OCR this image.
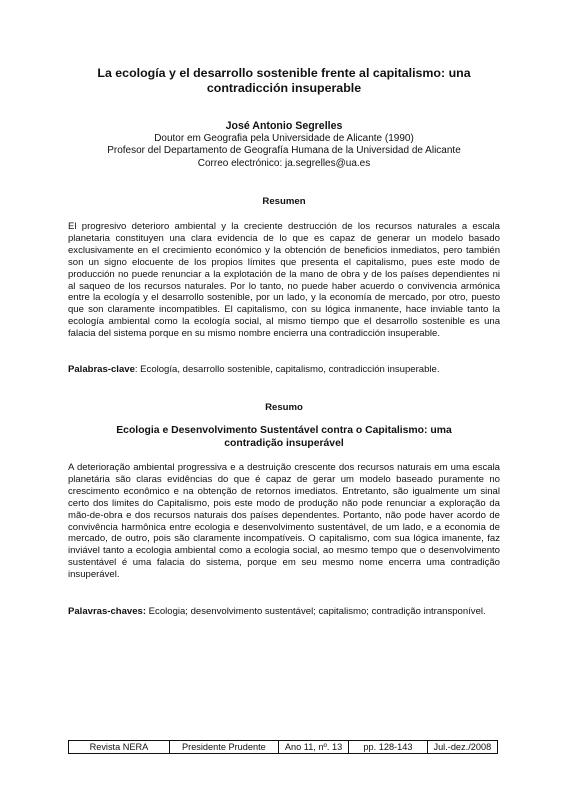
La ecología y el desarrollo sostenible frente al capitalismo: una
contradicción insuperable
José Antonio Segrelles
Doutor em Geografia pela Universidade de Alicante (1990)
Profesor del Departamento de Geografía Humana de la Universidad de Alicante
Correo electrónico: ja.segrelles@ua.es
Resumen

El progresivo deterioro ambiental y la creciente destrucción de los recursos naturales a escala planetaria constituyen una clara evidencia de lo que es capaz de generar un modelo basado exclusivamente en el crecimiento económico y la obtención de beneficios inmediatos, pero también son un signo elocuente de los propios límites que presenta el capitalismo, pues este modo de producción no puede renunciar a la explotación de la mano de obra y de los países dependientes ni al saqueo de los recursos naturales. Por lo tanto, no puede haber acuerdo o convivencia armónica entre la ecología y el desarrollo sostenible, por un lado, y la economía de mercado, por otro, puesto que son claramente incompatibles. El capitalismo, con su lógica inmanente, hace inviable tanto la ecología ambiental como la ecología social, al mismo tiempo que el desarrollo sostenible es una falacia del sistema porque en su mismo nombre encierra una contradicción insuperable.

Palabras-clave: Ecología, desarrollo sostenible, capitalismo, contradicción insuperable.

Resumo
Ecologia e Desenvolvimento Sustentável contra o Capitalismo: uma
contradição insuperável

A deterioração ambiental progressiva e a destruição crescente dos recursos naturais em uma escala planetária são claras evidências do que é capaz de gerar um modelo baseado puramente no crescimento econômico e na obtenção de retornos imediatos. Entretanto, são igualmente um sinal certo dos limites do Capitalismo, pois este modo de produção não pode renunciar a exploração da mão-de-obra e dos recursos naturais dos países dependentes. Portanto, não pode haver acordo de convivência harmônica entre ecologia e desenvolvimento sustentável, de um lado, e a economia de mercado, de outro, pois são claramente incompatíveis. O capitalismo, com sua lógica imanente, faz inviável tanto a ecologia ambiental como a ecologia social, ao mesmo tempo que o desenvolvimento sustentável é uma falacia do sistema, porque em seu mesmo nome encerra uma contradição insuperável.

Palavras-chaves: Ecologia; desenvolvimento sustentável; capitalismo; contradição intransponível.

Revista NERA	Presidente Prudente	Ano 11, nº. 13	pp. 128-143	Jul.-dez./2008
